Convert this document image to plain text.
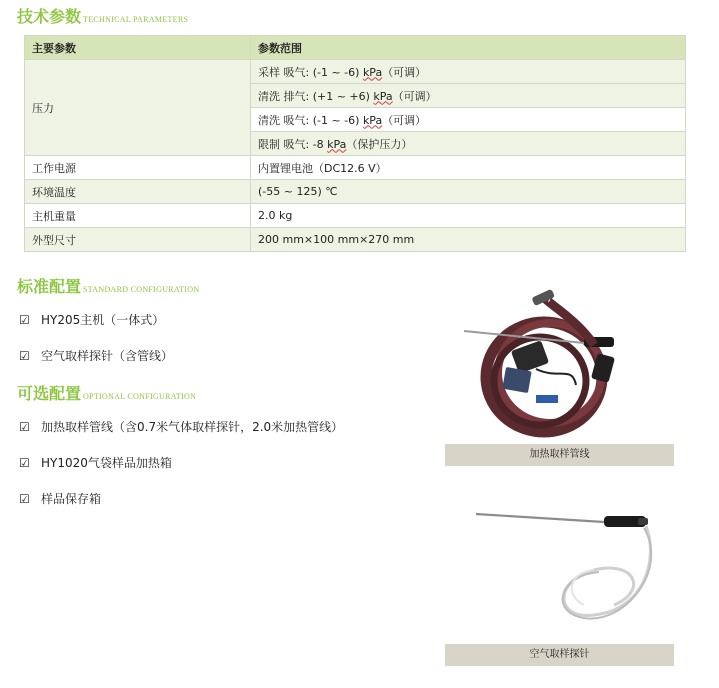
技术参数 TECHNICAL PARAMETERS
主要参数	参数范围
压力	采样 吸气: (-1 ~ -6) kPa（可调）
	清洗 排气: (+1 ~ +6) kPa（可调）
	清洗 吸气: (-1 ~ -6) kPa（可调）
	限制 吸气: -8 kPa（保护压力）
工作电源	内置锂电池（DC12.6 V）
环境温度	(-55 ~ 125) ℃
主机重量	2.0 kg
外型尺寸	200 mm×100 mm×270 mm
标准配置 STANDARD CONFIGURATION
☑ HY205主机（一体式）
☑ 空气取样探针（含管线）
可选配置 OPTIONAL CONFIGURATION
☑ 加热取样管线（含0.7米气体取样探针，2.0米加热管线）
☑ HY1020气袋样品加热箱
☑ 样品保存箱
加热取样管线
空气取样探针
